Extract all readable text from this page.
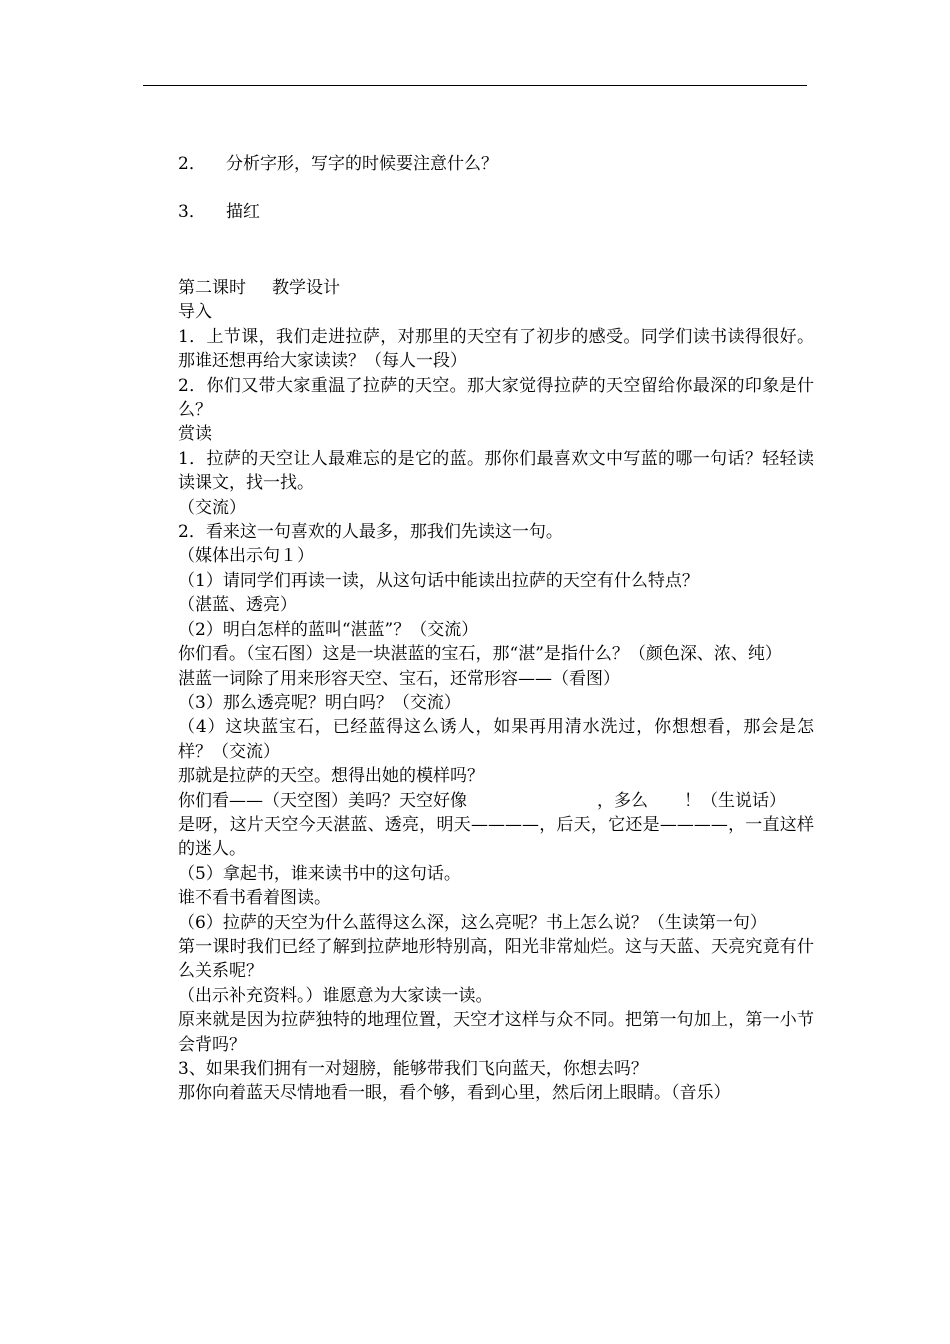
2． 分析字形，写字的时候要注意什么？
3． 描红

第二课时 教学设计

导入

1．上节课，我们走进拉萨，对那里的天空有了初步的感受。同学们读书读得很好。那谁还想再给大家读读？（每人一段）

2．你们又带大家重温了拉萨的天空。那大家觉得拉萨的天空留给你最深的印象是什么？

赏读

1．拉萨的天空让人最难忘的是它的蓝。那你们最喜欢文中写蓝的哪一句话？轻轻读读课文，找一找。

（交流）

2．看来这一句喜欢的人最多，那我们先读这一句。

（媒体出示句１）

（1）请同学们再读一读，从这句话中能读出拉萨的天空有什么特点？

（湛蓝、透亮）

（2）明白怎样的蓝叫“湛蓝”？（交流）

你们看。（宝石图）这是一块湛蓝的宝石，那“湛”是指什么？（颜色深、浓、纯）

湛蓝一词除了用来形容天空、宝石，还常形容——（看图）

（3）那么透亮呢？明白吗？（交流）

（4）这块蓝宝石，已经蓝得这么诱人，如果再用清水洗过，你想想看，那会是怎样？（交流）

那就是拉萨的天空。想得出她的模样吗？

你们看——（天空图）美吗？天空好像	，多么 ！（生说话）

是呀，这片天空今天湛蓝、透亮，明天————，后天，它还是————，一直这样的迷人。

（5）拿起书，谁来读书中的这句话。

谁不看书看着图读。

（6）拉萨的天空为什么蓝得这么深，这么亮呢？书上怎么说？（生读第一句）

第一课时我们已经了解到拉萨地形特别高，阳光非常灿烂。这与天蓝、天亮究竟有什么关系呢？

（出示补充资料。）谁愿意为大家读一读。

原来就是因为拉萨独特的地理位置，天空才这样与众不同。把第一句加上，第一小节会背吗？

3、如果我们拥有一对翅膀，能够带我们飞向蓝天，你想去吗？

那你向着蓝天尽情地看一眼，看个够，看到心里，然后闭上眼睛。（音乐）
